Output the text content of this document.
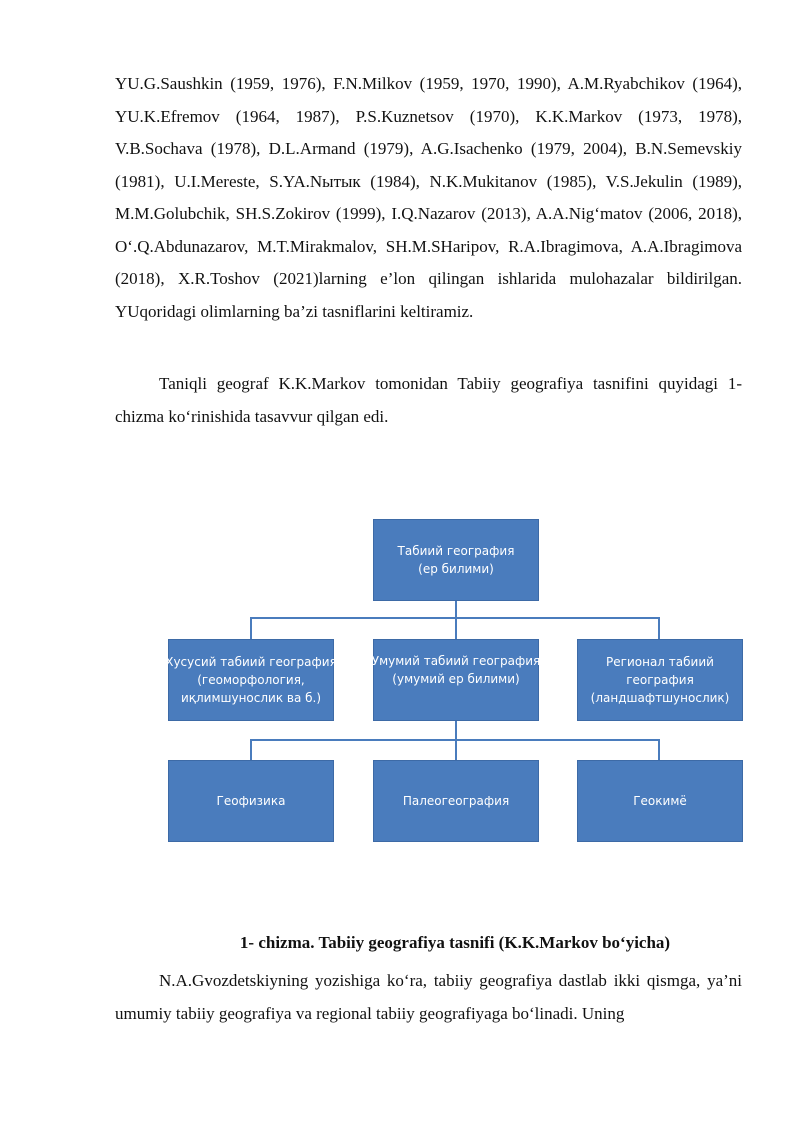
YU.G.Saushkin (1959, 1976), F.N.Milkov (1959, 1970, 1990), A.M.Ryabchikov (1964), YU.K.Efremov (1964, 1987), P.S.Kuznetsov (1970), K.K.Markov (1973, 1978), V.B.Sochava (1978), D.L.Armand (1979), A.G.Isachenko (1979, 2004), B.N.Semevskiy (1981), U.I.Mereste, S.YA.Nытык (1984), N.K.Mukitanov (1985), V.S.Jekulin (1989), M.M.Golubchik, SH.S.Zokirov (1999), I.Q.Nazarov (2013), A.A.Nig‘matov (2006, 2018), O‘.Q.Abdunazarov, M.T.Mirakmalov, SH.M.SHaripov, R.A.Ibragimova, A.A.Ibragimova (2018), X.R.Toshov (2021)larning e’lon qilingan ishlarida mulohazalar bildirilgan. YUqoridagi olimlarning ba’zi tasniflarini keltiramiz.

Taniqli geograf K.K.Markov tomonidan Tabiiy geografiya tasnifini quyidagi 1-chizma ko‘rinishida tasavvur qilgan edi.

Табиий география
(ер билими)
Хусусий табиий география
(геоморфология,
иқлимшунослик ва б.)
Умумий табиий география
(умумий ер билими)
Регионал табиий
география
(ландшафтшунослик)
Геофизика	Палеогеография	Геокимё

1- chizma. Tabiiy geografiya tasnifi (K.K.Markov bo‘yicha)

N.A.Gvozdetskiyning yozishiga ko‘ra, tabiiy geografiya dastlab ikki qismga, ya’ni umumiy tabiiy geografiya va regional tabiiy geografiyaga bo‘linadi. Uning
